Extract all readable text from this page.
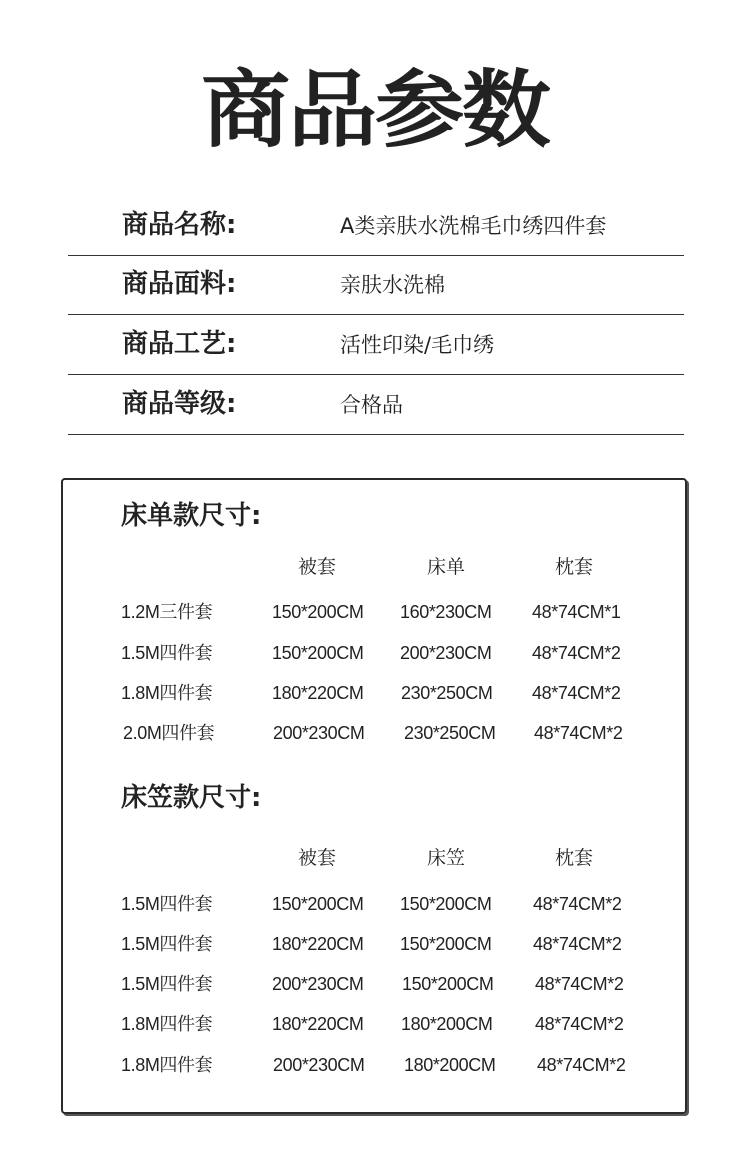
商品参数
商品名称:	A类亲肤水洗棉毛巾绣四件套
商品面料:	亲肤水洗棉
商品工艺:	活性印染/毛巾绣
商品等级:	合格品
床单款尺寸:
被套	床单	枕套
1.2M三件套	150*200CM 160*230CM 48*74CM*1
1.5M四件套	150*200CM 200*230CM 48*74CM*2
1.8M四件套	180*220CM 230*250CM 48*74CM*2
2.0M四件套	200*230CM 230*250CM 48*74CM*2
床笠款尺寸:
被套	床笠	枕套
1.5M四件套	150*200CM 150*200CM 48*74CM*2
1.5M四件套	180*220CM 150*200CM 48*74CM*2
1.5M四件套	200*230CM 150*200CM 48*74CM*2
1.8M四件套	180*220CM 180*200CM 48*74CM*2
1.8M四件套	200*230CM 180*200CM 48*74CM*2
